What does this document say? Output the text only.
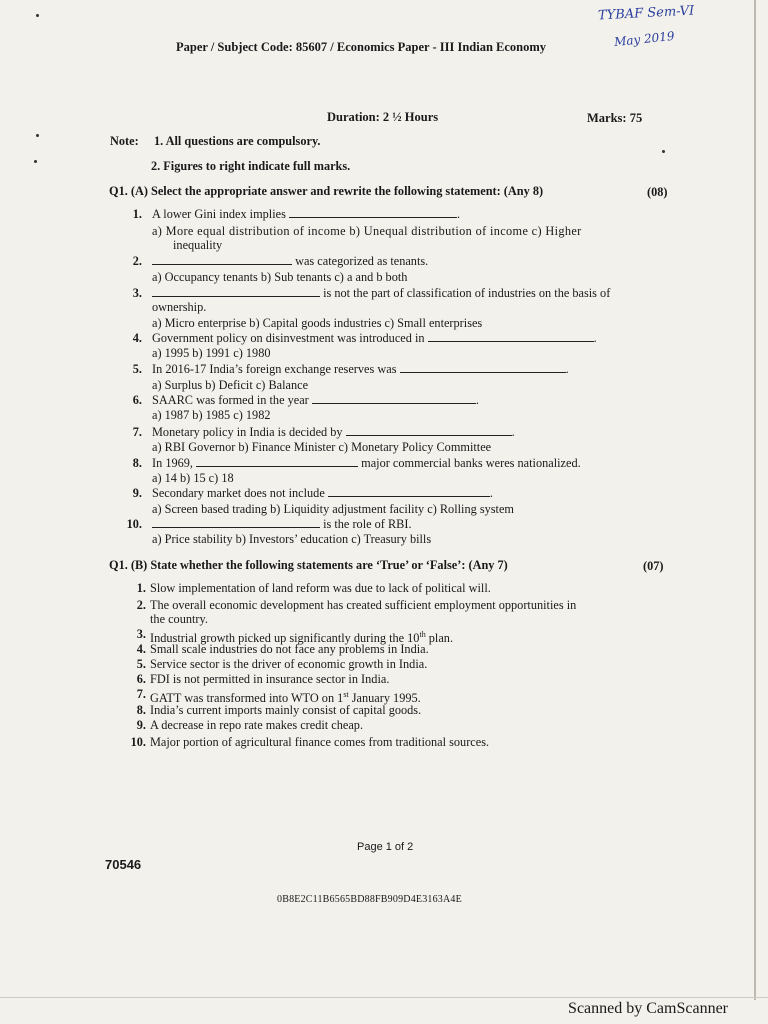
TYBAF Sem-VI
May 2019
Paper / Subject Code: 85607 / Economics Paper - III Indian Economy
Duration: 2 ½ Hours	Marks: 75
Note: 1. All questions are compulsory.
2. Figures to right indicate full marks.
Q1. (A) Select the appropriate answer and rewrite the following statement: (Any 8)	(08)
1. A lower Gini index implies	.
a) More equal distribution of income b) Unequal distribution of income c) Higher
inequality
2.	was categorized as tenants.
a) Occupancy tenants b) Sub tenants c) a and b both
3.	is not the part of classification of industries on the basis of
ownership.
a) Micro enterprise b) Capital goods industries c) Small enterprises
4. Government policy on disinvestment was introduced in	.
a) 1995 b) 1991 c) 1980
5. In 2016-17 India’s foreign exchange reserves was	.
a) Surplus b) Deficit c) Balance
6. SAARC was formed in the year	.
a) 1987 b) 1985 c) 1982
7. Monetary policy in India is decided by	.
a) RBI Governor b) Finance Minister c) Monetary Policy Committee
8. In 1969,	major commercial banks weres nationalized.
a) 14 b) 15 c) 18
9. Secondary market does not include	.
a) Screen based trading b) Liquidity adjustment facility c) Rolling system
10.	is the role of RBI.
a) Price stability b) Investors’ education c) Treasury bills
Q1. (B) State whether the following statements are ‘True’ or ‘False’: (Any 7)	(07)
1. Slow implementation of land reform was due to lack of political will.
2. The overall economic development has created sufficient employment opportunities in
the country.
3. Industrial growth picked up significantly during the 10th plan.
4. Small scale industries do not face any problems in India.
5. Service sector is the driver of economic growth in India.
6. FDI is not permitted in insurance sector in India.
7. GATT was transformed into WTO on 1st January 1995.
8. India’s current imports mainly consist of capital goods.
9. A decrease in repo rate makes credit cheap.
10. Major portion of agricultural finance comes from traditional sources.
Page 1 of 2
70546
0B8E2C11B6565BD88FB909D4E3163A4E
Scanned by CamScanner
